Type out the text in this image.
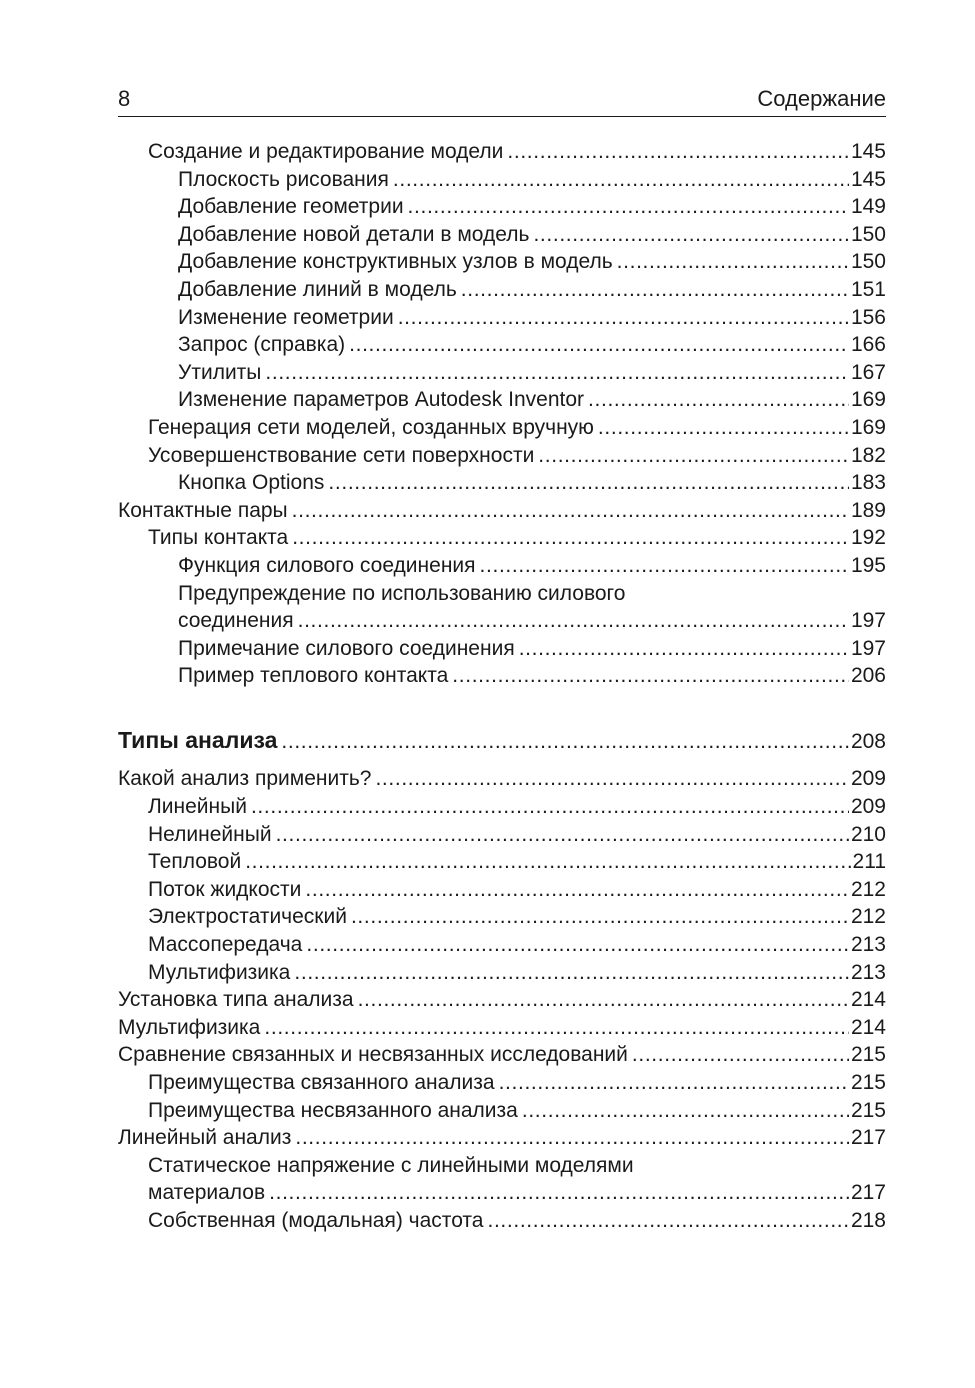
8	Содержание
Создание и редактирование модели . . .	145
Плоскость рисования . . .	145
Добавление геометрии . . .	149
Добавление новой детали в модель . . .	150
Добавление конструктивных узлов в модель . . .	150
Добавление линий в модель . . .	151
Изменение геометрии . . .	156
Запрос (справка) . . .	166
Утилиты . . .	167
Изменение параметров Autodesk Inventor . . .	169
Генерация сети моделей, созданных вручную . . .	169
Усовершенствование сети поверхности . . .	182
Кнопка Options . . .	183
Контактные пары . . .	189
Типы контакта . . .	192
Функция силового соединения . . .	195
Предупреждение по использованию силового
соединения . . .	197
Примечание силового соединения . . .	197
Пример теплового контакта . . .	206
Типы анализа . . .	208
Какой анализ применить? . . .	209
Линейный . . .	209
Нелинейный . . .	210
Тепловой . . .	211
Поток жидкости . . .	212
Электростатический . . .	212
Массопередача . . .	213
Мультифизика . . .	213
Установка типа анализа . . .	214
Мультифизика . . .	214
Сравнение связанных и несвязанных исследований . . .	215
Преимущества связанного анализа . . .	215
Преимущества несвязанного анализа . . .	215
Линейный анализ . . .	217
Статическое напряжение с линейными моделями
материалов . . .	217
Собственная (модальная) частота . . .	218
